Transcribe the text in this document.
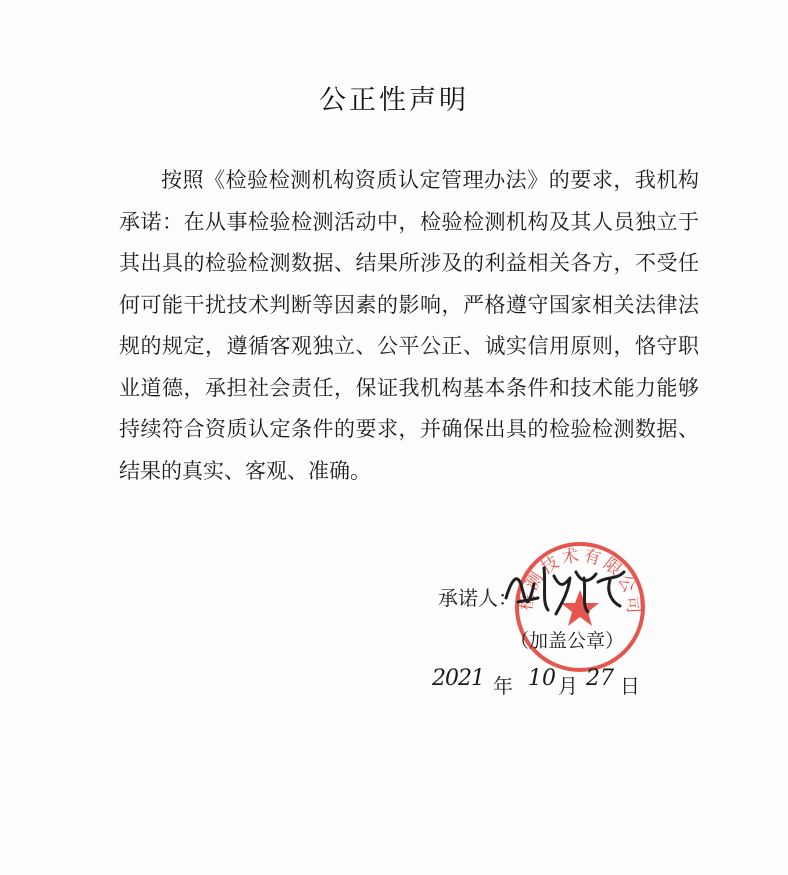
公正性声明
按照《检验检测机构资质认定管理办法》的要求，我机构承诺：在从事检验检测活动中，检验检测机构及其人员独立于其出具的检验检测数据、结果所涉及的利益相关各方，不受任何可能干扰技术判断等因素的影响，严格遵守国家相关法律法规的规定，遵循客观独立、公平公正、诚实信用原则，恪守职业道德，承担社会责任，保证我机构基本条件和技术能力能够持续符合资质认定条件的要求，并确保出具的检验检测数据、结果的真实、客观、准确。
承诺人：
检测技术有限公司
（加盖公章）
2021 年 10 月 27 日
